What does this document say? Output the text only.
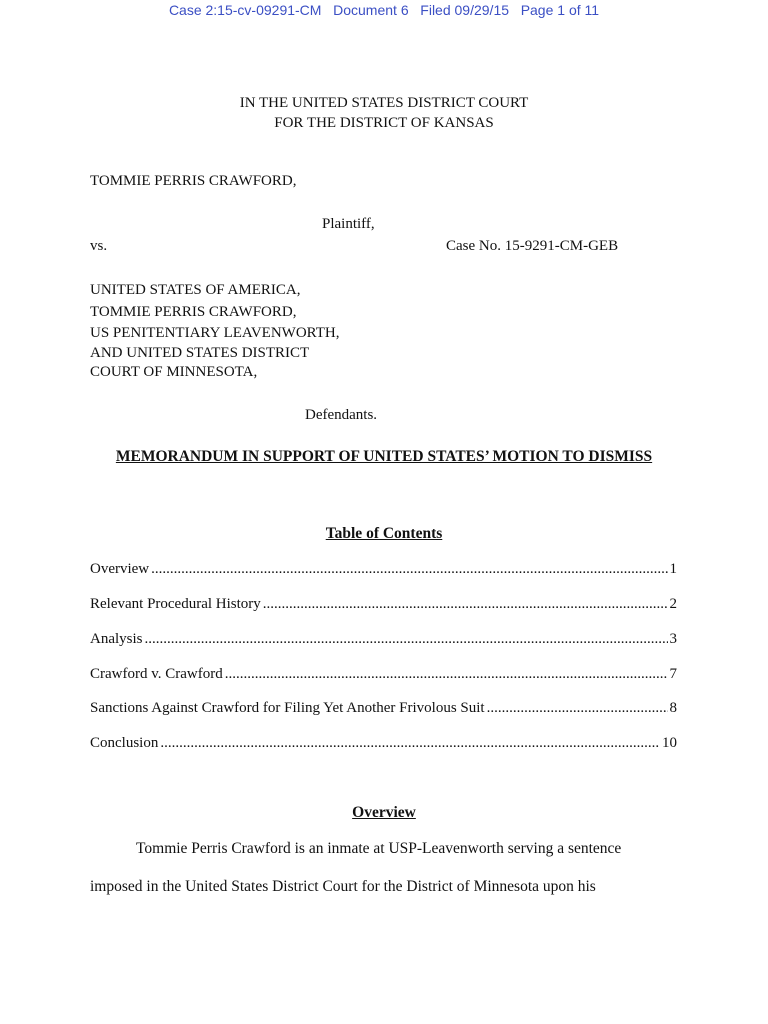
Case 2:15-cv-09291-CM Document 6 Filed 09/29/15 Page 1 of 11
IN THE UNITED STATES DISTRICT COURT
FOR THE DISTRICT OF KANSAS
TOMMIE PERRIS CRAWFORD,
Plaintiff,
vs.	Case No. 15-9291-CM-GEB
UNITED STATES OF AMERICA,
TOMMIE PERRIS CRAWFORD,
US PENITENTIARY LEAVENWORTH,
AND UNITED STATES DISTRICT
COURT OF MINNESOTA,
Defendants.
MEMORANDUM IN SUPPORT OF UNITED STATES’ MOTION TO DISMISS
Table of Contents
Overview .....	1
Relevant Procedural History .....	2
Analysis .....	3
Crawford v. Crawford .....	7
Sanctions Against Crawford for Filing Yet Another Frivolous Suit .....	8
Conclusion .....	10
Overview
Tommie Perris Crawford is an inmate at USP-Leavenworth serving a sentence
imposed in the United States District Court for the District of Minnesota upon his
